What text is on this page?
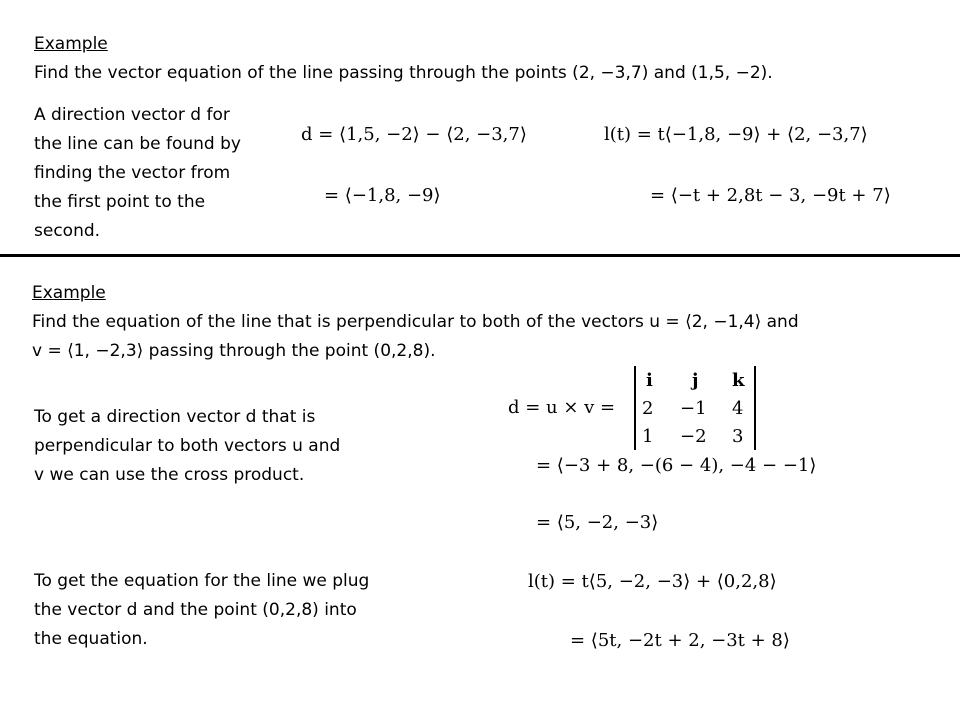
Example
Find the vector equation of the line passing through the points (2, −3,7) and (1,5, −2).
A direction vector d for
the line can be found by
finding the vector from
the first point to the
second.
d = ⟨1,5, −2⟩ − ⟨2, −3,7⟩
= ⟨−1,8, −9⟩
l(t) = t⟨−1,8, −9⟩ + ⟨2, −3,7⟩
= ⟨−t + 2,8t − 3, −9t + 7⟩
Example
Find the equation of the line that is perpendicular to both of the vectors u = ⟨2, −1,4⟩ and
v = ⟨1, −2,3⟩ passing through the point (0,2,8).
To get a direction vector d that is
perpendicular to both vectors u and
v we can use the cross product.
d = u × v =
i j k
2 −1 4
1 −2 3
= ⟨−3 + 8, −(6 − 4), −4 − −1⟩
= ⟨5, −2, −3⟩
To get the equation for the line we plug
the vector d and the point (0,2,8) into
the equation.
l(t) = t⟨5, −2, −3⟩ + ⟨0,2,8⟩
= ⟨5t, −2t + 2, −3t + 8⟩
